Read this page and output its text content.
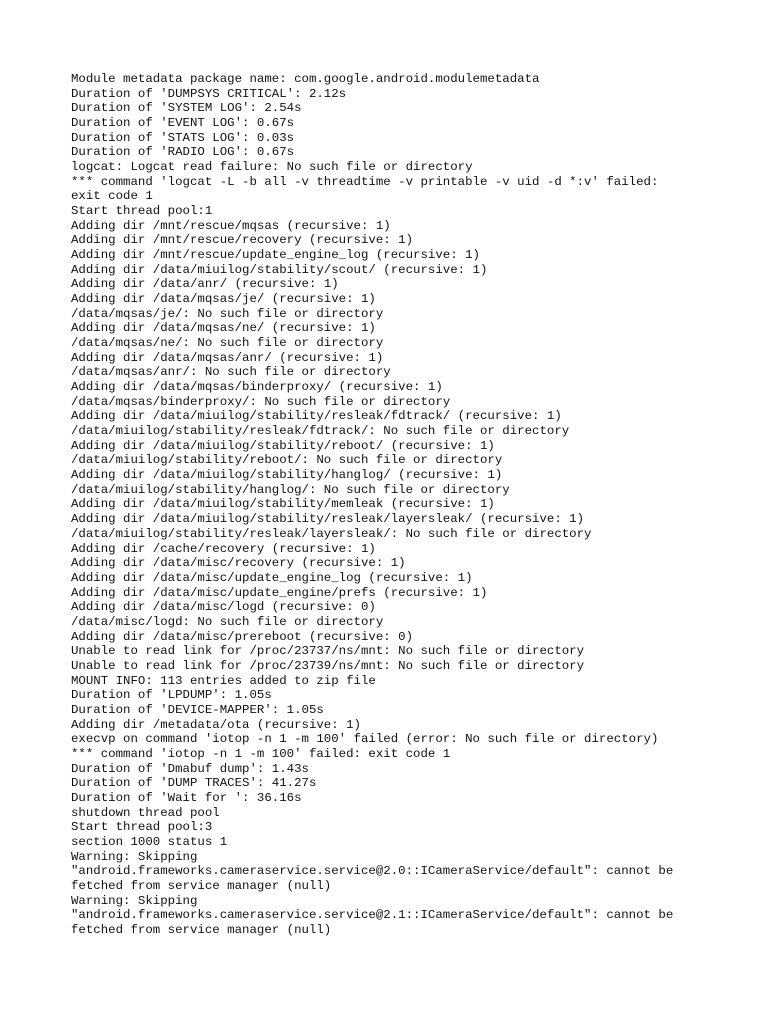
Module metadata package name: com.google.android.modulemetadata
Duration of 'DUMPSYS CRITICAL': 2.12s
Duration of 'SYSTEM LOG': 2.54s
Duration of 'EVENT LOG': 0.67s
Duration of 'STATS LOG': 0.03s
Duration of 'RADIO LOG': 0.67s
logcat: Logcat read failure: No such file or directory
*** command 'logcat -L -b all -v threadtime -v printable -v uid -d *:v' failed:
exit code 1
Start thread pool:1
Adding dir /mnt/rescue/mqsas (recursive: 1)
Adding dir /mnt/rescue/recovery (recursive: 1)
Adding dir /mnt/rescue/update_engine_log (recursive: 1)
Adding dir /data/miuilog/stability/scout/ (recursive: 1)
Adding dir /data/anr/ (recursive: 1)
Adding dir /data/mqsas/je/ (recursive: 1)
/data/mqsas/je/: No such file or directory
Adding dir /data/mqsas/ne/ (recursive: 1)
/data/mqsas/ne/: No such file or directory
Adding dir /data/mqsas/anr/ (recursive: 1)
/data/mqsas/anr/: No such file or directory
Adding dir /data/mqsas/binderproxy/ (recursive: 1)
/data/mqsas/binderproxy/: No such file or directory
Adding dir /data/miuilog/stability/resleak/fdtrack/ (recursive: 1)
/data/miuilog/stability/resleak/fdtrack/: No such file or directory
Adding dir /data/miuilog/stability/reboot/ (recursive: 1)
/data/miuilog/stability/reboot/: No such file or directory
Adding dir /data/miuilog/stability/hanglog/ (recursive: 1)
/data/miuilog/stability/hanglog/: No such file or directory
Adding dir /data/miuilog/stability/memleak (recursive: 1)
Adding dir /data/miuilog/stability/resleak/layersleak/ (recursive: 1)
/data/miuilog/stability/resleak/layersleak/: No such file or directory
Adding dir /cache/recovery (recursive: 1)
Adding dir /data/misc/recovery (recursive: 1)
Adding dir /data/misc/update_engine_log (recursive: 1)
Adding dir /data/misc/update_engine/prefs (recursive: 1)
Adding dir /data/misc/logd (recursive: 0)
/data/misc/logd: No such file or directory
Adding dir /data/misc/prereboot (recursive: 0)
Unable to read link for /proc/23737/ns/mnt: No such file or directory
Unable to read link for /proc/23739/ns/mnt: No such file or directory
MOUNT INFO: 113 entries added to zip file
Duration of 'LPDUMP': 1.05s
Duration of 'DEVICE-MAPPER': 1.05s
Adding dir /metadata/ota (recursive: 1)
execvp on command 'iotop -n 1 -m 100' failed (error: No such file or directory)
*** command 'iotop -n 1 -m 100' failed: exit code 1
Duration of 'Dmabuf dump': 1.43s
Duration of 'DUMP TRACES': 41.27s
Duration of 'Wait for ': 36.16s
shutdown thread pool
Start thread pool:3
section 1000 status 1
Warning: Skipping
"android.frameworks.cameraservice.service@2.0::ICameraService/default": cannot be
fetched from service manager (null)
Warning: Skipping
"android.frameworks.cameraservice.service@2.1::ICameraService/default": cannot be
fetched from service manager (null)
